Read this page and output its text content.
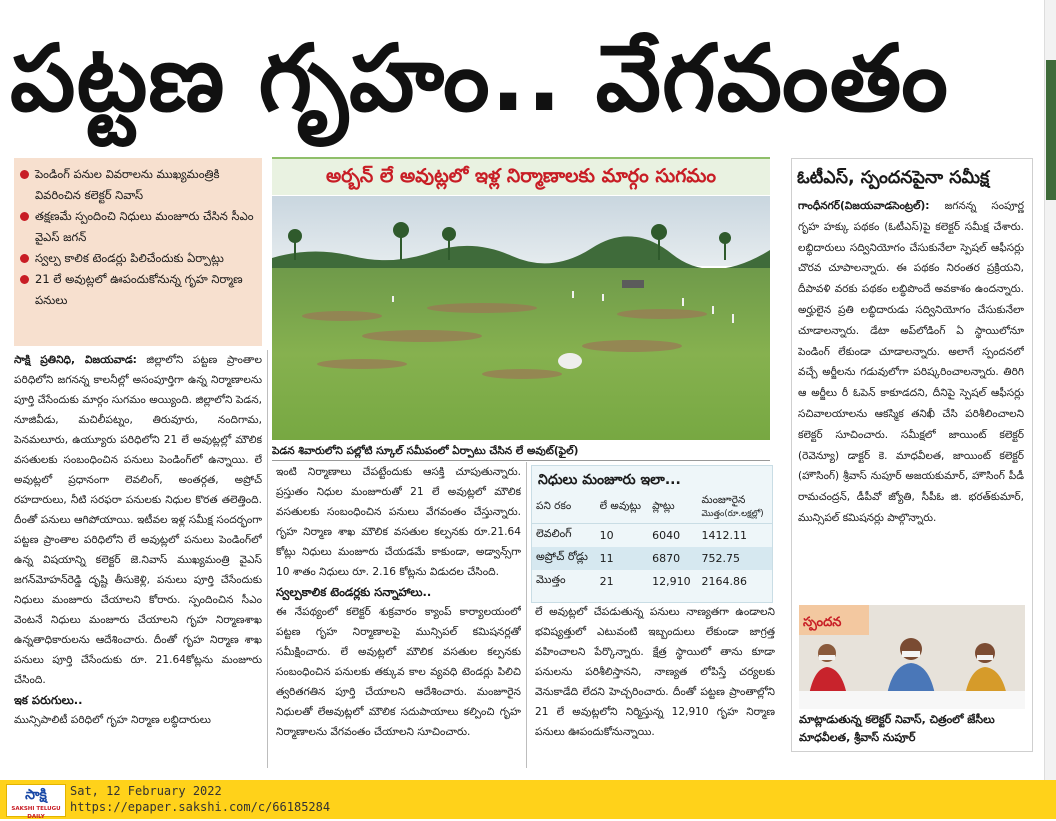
పట్టణ గృహం.. వేగవంతం
పెండింగ్ పనుల వివరాలను ముఖ్యమంత్రికి వివరించిన కలెక్టర్ నివాస్
తక్షణమే స్పందించి నిధులు మంజూరు చేసిన సీఎం వైఎస్ జగన్
స్వల్ప కాలిక టెండర్లు పిలిచేందుకు ఏర్పాట్లు
21 లే అవుట్లలో ఊపందుకోనున్న గృహ నిర్మాణ పనులు

సాక్షి ప్రతినిధి, విజయవాడ: జిల్లాలోని పట్టణ ప్రాంతాల పరిధిలోని జగనన్న కాలనీల్లో అసంపూర్తిగా ఉన్న నిర్మాణాలను పూర్తి చేసేందుకు మార్గం సుగమం అయ్యింది. జిల్లాలోని పెడన, నూజివీడు, మచిలీపట్నం, తిరువూరు, నందిగామ, పెనమలూరు, ఉయ్యూరు పరిధిలోని 21 లే అవుట్లల్లో మౌలిక వసతులకు సంబంధించిన పనులు పెండింగ్‌లో ఉన్నాయి. లే అవుట్లలో ప్రధానంగా లెవలింగ్, అంతర్గత, అప్రోచ్ రహదారులు, నీటి సరఫరా పనులకు నిధుల కొరత తలెత్తింది. దీంతో పనులు ఆగిపోయాయి. ఇటీవల ఇళ్ల సమీక్ష సందర్భంగా పట్టణ ప్రాంతాల పరిధిలోని లే అవుట్లలో పనులు పెండింగ్‌లో ఉన్న విషయాన్ని కలెక్టర్ జె.నివాస్ ముఖ్యమంత్రి వైఎస్ జగన్‌మోహన్‌రెడ్డి దృష్టి తీసుకెళ్లి, పనులు పూర్తి చేసేందుకు నిధులు మంజూరు చేయాలని కోరారు. స్పందించిన సీఎం వెంటనే నిధులు మంజూరు చేయాలని గృహ నిర్మాణశాఖ ఉన్నతాధికారులను ఆదేశించారు. దీంతో గృహ నిర్మాణ శాఖ పనులు పూర్తి చేసేందుకు రూ. 21.64కోట్లను మంజూరు చేసింది.

ఇక పరుగులు..

మున్సిపాలిటీ పరిధిలో గృహ నిర్మాణ లబ్ధిదారులు

అర్బన్ లే అవుట్లలో ఇళ్ల నిర్మాణాలకు మార్గం సుగమం
పెడన శివారులోని పల్లోటి స్కూల్ సమీపంలో ఏర్పాటు చేసిన లే అవుట్(ఫైల్)

ఇంటి నిర్మాణాలు చేపట్టేందుకు ఆసక్తి చూపుతున్నారు. ప్రస్తుతం నిధుల మంజూరుతో 21 లే అవుట్లలో మౌలిక వసతులకు సంబంధించిన పనులు వేగవంతం చేస్తున్నారు. గృహ నిర్మాణ శాఖ మౌలిక వసతుల కల్పనకు రూ.21.64 కోట్లు నిధులు మంజూరు చేయడమే కాకుండా, అడ్వాన్స్‌గా 10 శాతం నిధులు రూ. 2.16 కోట్లను విడుదల చేసింది.

స్వల్పకాలిక టెండర్లకు సన్నాహాలు..

ఈ నేపథ్యంలో కలెక్టర్ శుక్రవారం క్యాంప్ కార్యాలయంలో పట్టణ గృహ నిర్మాణాలపై మున్సిపల్ కమిషనర్లతో సమీక్షించారు. లే అవుట్లలో మౌలిక వసతుల కల్పనకు సంబంధించిన పనులకు తక్కువ కాల వ్యవధి టెండర్లు పిలిచి త్వరితగతిన పూర్తి చేయాలని ఆదేశించారు. మంజూరైన నిధులతో లేఅవుట్లలో మౌలిక సదుపాయాలు కల్పించి గృహ నిర్మాణాలను వేగవంతం చేయాలని సూచించారు.

నిధులు మంజూరు ఇలా...
పని రకం	లే అవుట్లు	ప్లాట్లు	మంజూరైన
మొత్తం(రూ.లక్షల్లో)

లెవలింగ్	10	6040	1412.11
అప్రోచ్ రోడ్లు	11	6870	752.75
మొత్తం	21	12,910	2164.86

లే అవుట్లలో చేపడుతున్న పనులు నాణ్యతగా ఉండాలని భవిష్యత్తులో ఎటువంటి ఇబ్బందులు లేకుండా జాగ్రత్త వహించాలని పేర్కొన్నారు. క్షేత్ర స్థాయిలో తాను కూడా పనులను పరిశీలిస్తానని, నాణ్యత లోపిస్తే చర్యలకు వెనుకాడేది లేదని హెచ్చరించారు. దీంతో పట్టణ ప్రాంతాల్లోని 21 లే అవుట్లలోని నిర్మిస్తున్న 12,910 గృహ నిర్మాణ పనులు ఊపందుకోనున్నాయి.

ఓటీఎస్, స్పందనపైనా సమీక్ష

గాంధీనగర్(విజయవాడసెంట్రల్): జగనన్న సంపూర్ణ గృహ హక్కు పథకం (ఓటీఎస్)పై కలెక్టర్ సమీక్ష చేశారు. లబ్ధిదారులు సద్వినియోగం చేసుకునేలా స్పెషల్ ఆఫీసర్లు చొరవ చూపాలన్నారు. ఈ పథకం నిరంతర ప్రక్రియని, దీపావళి వరకు పథకం లబ్ధిపొందే అవకాశం ఉందన్నారు. అర్హులైన ప్రతి లబ్ధిదారుడు సద్వినియోగం చేసుకునేలా చూడాలన్నారు. డేటా అప్‌లోడింగ్ ఏ స్థాయిలోనూ పెండింగ్ లేకుండా చూడాలన్నారు. అలాగే స్పందనలో వచ్చే అర్జీలను గడువులోగా పరిష్కరించాలన్నారు. తిరిగి ఆ అర్జీలు రీ ఓపెన్ కాకూడదని, దీనిపై స్పెషల్ ఆఫీసర్లు సచివాలయాలను ఆకస్మిక తనిఖీ చేసి పరిశీలించాలని కలెక్టర్ సూచించారు. సమీక్షలో జాయింట్ కలెక్టర్ (రెవెన్యూ) డాక్టర్ కె. మాధవీలత, జాయింట్ కలెక్టర్ (హౌసింగ్) శ్రీవాస్ నుపూర్ అజయకుమార్, హౌసింగ్ పీడీ రామచంద్రన్, డీపీవో జ్యోతి, సీపీఓ జి. భరత్‌కుమార్, మున్సిపల్ కమిషనర్లు పాల్గొన్నారు.

స్పందన
మాట్లాడుతున్న కలెక్టర్ నివాస్, చిత్రంలో జేసీలు మాధవీలత, శ్రీవాస్ నుపూర్
సాక్షి
SAKSHI TELUGU DAILY
Sat, 12 February 2022
https://epaper.sakshi.com/c/66185284
